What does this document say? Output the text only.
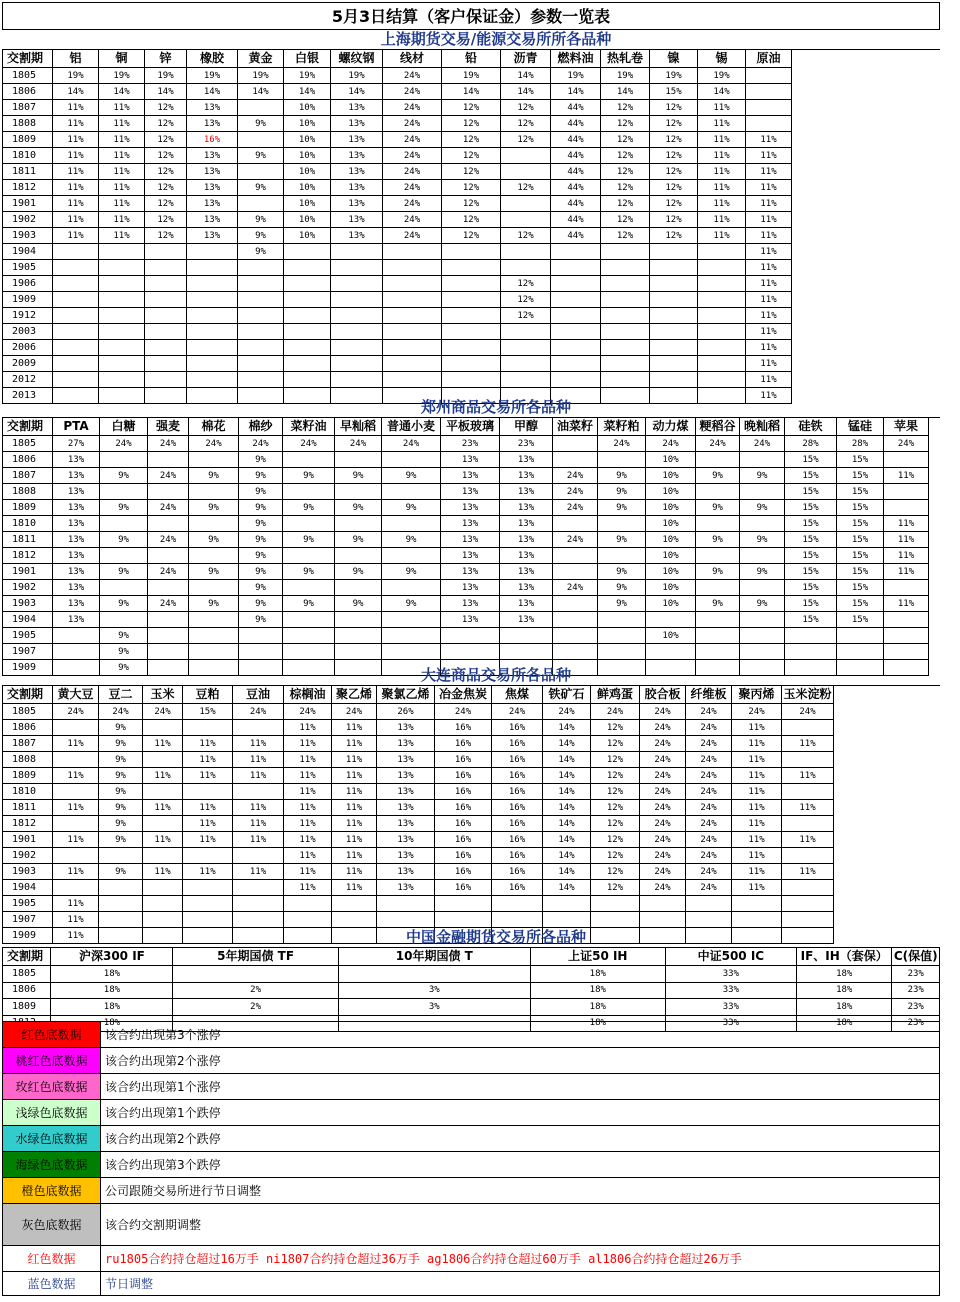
5月3日结算（客户保证金）参数一览表
上海期货交易/能源交易所所各品种

交割期	铝	铜	锌	橡胶	黄金	白银	螺纹钢	线材	铅	沥青	燃料油	热轧卷	镍	锡	原油
1805	19%	19%	19%	19%	19%	19%	19%	24%	19%	14%	19%	19%	19%	19%	
1806	14%	14%	14%	14%	14%	14%	14%	24%	14%	14%	14%	14%	15%	14%	
1807	11%	11%	12%	13%		10%	13%	24%	12%	12%	44%	12%	12%	11%	
1808	11%	11%	12%	13%	9%	10%	13%	24%	12%	12%	44%	12%	12%	11%	
1809	11%	11%	12%	16%		10%	13%	24%	12%	12%	44%	12%	12%	11%	11%
1810	11%	11%	12%	13%	9%	10%	13%	24%	12%		44%	12%	12%	11%	11%
1811	11%	11%	12%	13%		10%	13%	24%	12%		44%	12%	12%	11%	11%
1812	11%	11%	12%	13%	9%	10%	13%	24%	12%	12%	44%	12%	12%	11%	11%
1901	11%	11%	12%	13%		10%	13%	24%	12%		44%	12%	12%	11%	11%
1902	11%	11%	12%	13%	9%	10%	13%	24%	12%		44%	12%	12%	11%	11%
1903	11%	11%	12%	13%	9%	10%	13%	24%	12%	12%	44%	12%	12%	11%	11%
1904					9%										11%
1905															11%
1906										12%					11%
1909										12%					11%
1912										12%					11%
2003															11%
2006															11%
2009															11%
2012															11%
2013															11%
郑州商品交易所各品种

交割期	PTA	白糖	强麦	棉花	棉纱	菜籽油	早籼稻	普通小麦	平板玻璃	甲醇	油菜籽	菜籽粕	动力煤	粳稻谷	晚籼稻	硅铁	锰硅	苹果
1805	27%	24%	24%	24%	24%	24%	24%	24%	23%	23%		24%	24%	24%	24%	28%	28%	24%
1806	13%				9%				13%	13%			10%			15%	15%	
1807	13%	9%	24%	9%	9%	9%	9%	9%	13%	13%	24%	9%	10%	9%	9%	15%	15%	11%
1808	13%				9%				13%	13%	24%	9%	10%			15%	15%	
1809	13%	9%	24%	9%	9%	9%	9%	9%	13%	13%	24%	9%	10%	9%	9%	15%	15%	
1810	13%				9%				13%	13%			10%			15%	15%	11%
1811	13%	9%	24%	9%	9%	9%	9%	9%	13%	13%	24%	9%	10%	9%	9%	15%	15%	11%
1812	13%				9%				13%	13%			10%			15%	15%	11%
1901	13%	9%	24%	9%	9%	9%	9%	9%	13%	13%		9%	10%	9%	9%	15%	15%	11%
1902	13%				9%				13%	13%	24%	9%	10%			15%	15%	
1903	13%	9%	24%	9%	9%	9%	9%	9%	13%	13%		9%	10%	9%	9%	15%	15%	11%
1904	13%				9%				13%	13%						15%	15%	
1905		9%											10%					
1907		9%																
1909		9%																	大连商品交易所各品种

交割期	黄大豆	豆二	玉米	豆粕	豆油	棕榈油	聚乙烯	聚氯乙烯	冶金焦炭	焦煤	铁矿石	鲜鸡蛋	胶合板	纤维板	聚丙烯	玉米淀粉
1805	24%	24%	24%	15%	24%	24%	24%	26%	24%	24%	24%	24%	24%	24%	24%	24%
1806		9%				11%	11%	13%	16%	16%	14%	12%	24%	24%	11%	
1807	11%	9%	11%	11%	11%	11%	11%	13%	16%	16%	14%	12%	24%	24%	11%	11%
1808		9%		11%	11%	11%	11%	13%	16%	16%	14%	12%	24%	24%	11%	
1809	11%	9%	11%	11%	11%	11%	11%	13%	16%	16%	14%	12%	24%	24%	11%	11%
1810		9%				11%	11%	13%	16%	16%	14%	12%	24%	24%	11%	
1811	11%	9%	11%	11%	11%	11%	11%	13%	16%	16%	14%	12%	24%	24%	11%	11%
1812		9%		11%	11%	11%	11%	13%	16%	16%	14%	12%	24%	24%	11%	
1901	11%	9%	11%	11%	11%	11%	11%	13%	16%	16%	14%	12%	24%	24%	11%	11%
1902						11%	11%	13%	16%	16%	14%	12%	24%	24%	11%	
1903	11%	9%	11%	11%	11%	11%	11%	13%	16%	16%	14%	12%	24%	24%	11%	11%
1904						11%	11%	13%	16%	16%	14%	12%	24%	24%	11%	
1905	11%															
1907	11%															
1909	11%																中国金融期货交易所各品种

交割期	沪深300 IF	5年期国债 TF	10年期国债 T	上证50 IH	中证500 IC	IF、IH（套保）	C(保值)
1805	18%			18%	33%	18%	23%
1806	18%	2%	3%	18%	33%	18%	23%
1809	18%	2%	3%	18%	33%	18%	23%
	18%			18%	33%	18%	23%
红色底数据	该合约出现第3个涨停
桃红色底数据	该合约出现第2个涨停
玫红色底数据	该合约出现第1个涨停
浅绿色底数据	该合约出现第1个跌停
水绿色底数据	该合约出现第2个跌停
海绿色底数据	该合约出现第3个跌停
橙色底数据	公司跟随交易所进行节日调整
灰色底数据	该合约交割期调整
红色数据	ru1805合约持仓超过16万手 ni1807合约持仓超过36万手 ag1806合约持仓超过60万手 al1806合约持仓超过26万手
蓝色数据	节日调整
